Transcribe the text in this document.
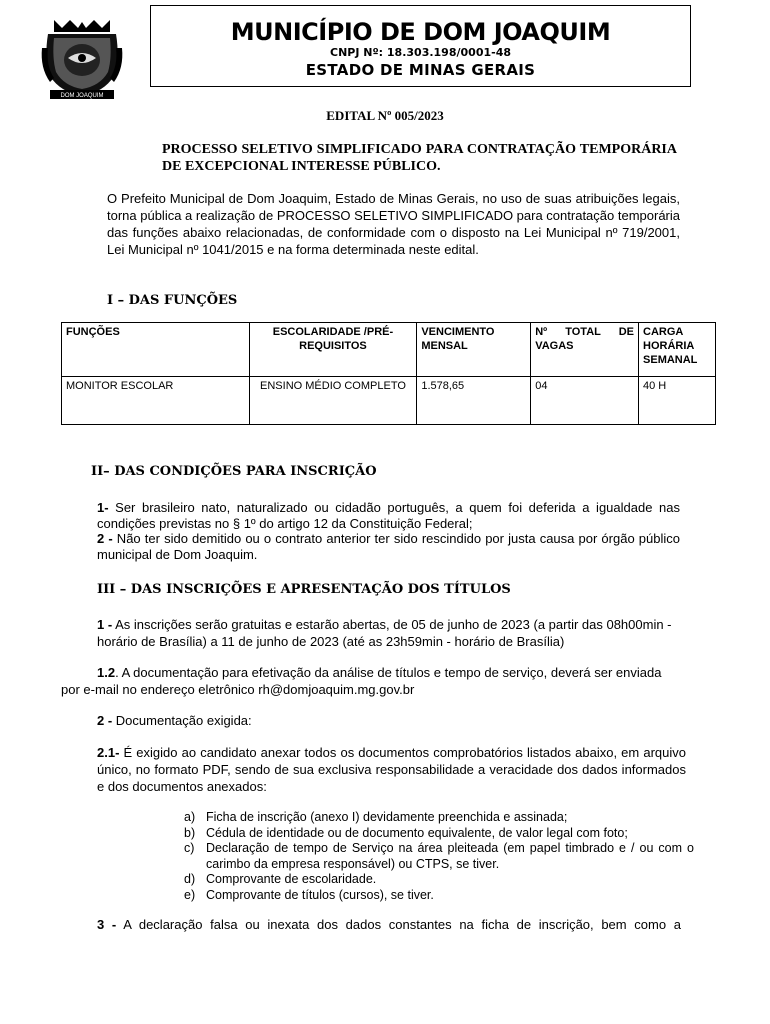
DOM JOAQUIM
MUNICÍPIO DE DOM JOAQUIM
CNPJ Nº: 18.303.198/0001-48
ESTADO DE MINAS GERAIS
EDITAL Nº 005/2023
PROCESSO SELETIVO SIMPLIFICADO PARA CONTRATAÇÃO TEMPORÁRIA DE EXCEPCIONAL INTERESSE PÚBLICO.
O Prefeito Municipal de Dom Joaquim, Estado de Minas Gerais, no uso de suas atribuições legais, torna pública a realização de PROCESSO SELETIVO SIMPLIFICADO para contratação temporária das funções abaixo relacionadas, de conformidade com o disposto na Lei Municipal nº 719/2001, Lei Municipal nº 1041/2015 e na forma determinada neste edital.
I – DAS FUNÇÕES
FUNÇÕES	ESCOLARIDADE /PRÉ-REQUISITOS	VENCIMENTO MENSAL	Nº TOTAL DE VAGAS	CARGA HORÁRIA SEMANAL
MONITOR ESCOLAR	ENSINO MÉDIO COMPLETO	1.578,65	04	40 H
II– DAS CONDIÇÕES PARA INSCRIÇÃO
1- Ser brasileiro nato, naturalizado ou cidadão português, a quem foi deferida a igualdade nas condições previstas no § 1º do artigo 12 da Constituição Federal;
2 - Não ter sido demitido ou o contrato anterior ter sido rescindido por justa causa por órgão público municipal de Dom Joaquim.
III – DAS INSCRIÇÕES E APRESENTAÇÃO DOS TÍTULOS
1 - As inscrições serão gratuitas e estarão abertas, de 05 de junho de 2023 (a partir das 08h00min - horário de Brasília) a 11 de junho de 2023 (até as 23h59min - horário de Brasília)
1.2. A documentação para efetivação da análise de títulos e tempo de serviço, deverá ser enviada por e-mail no endereço eletrônico rh@domjoaquim.mg.gov.br
2 - Documentação exigida:
2.1- É exigido ao candidato anexar todos os documentos comprobatórios listados abaixo, em arquivo único, no formato PDF, sendo de sua exclusiva responsabilidade a veracidade dos dados informados e dos documentos anexados:
a) Ficha de inscrição (anexo I) devidamente preenchida e assinada;
b) Cédula de identidade ou de documento equivalente, de valor legal com foto;
c) Declaração de tempo de Serviço na área pleiteada (em papel timbrado e / ou com o carimbo da empresa responsável) ou CTPS, se tiver.
d) Comprovante de escolaridade.
e) Comprovante de títulos (cursos), se tiver.
3 - A declaração falsa ou inexata dos dados constantes na ficha de inscrição, bem como a
